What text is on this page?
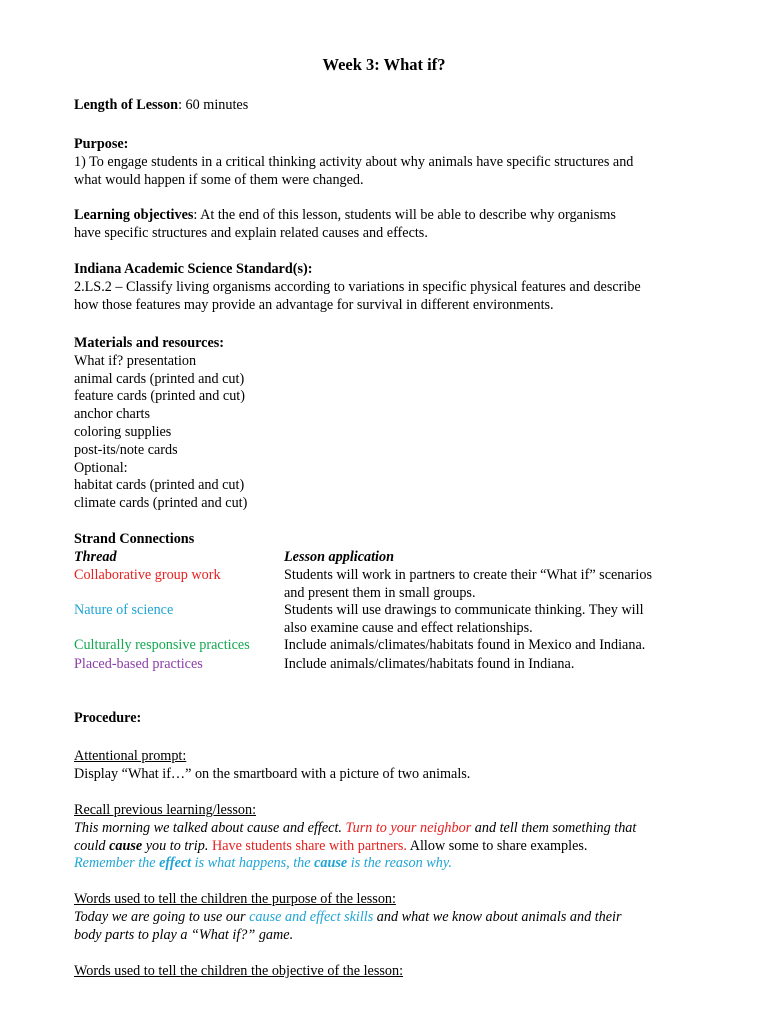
Week 3: What if?
Length of Lesson: 60 minutes
Purpose:
1) To engage students in a critical thinking activity about why animals have specific structures and
what would happen if some of them were changed.
Learning objectives: At the end of this lesson, students will be able to describe why organisms
have specific structures and explain related causes and effects.
Indiana Academic Science Standard(s):
2.LS.2 – Classify living organisms according to variations in specific physical features and describe
how those features may provide an advantage for survival in different environments.
Materials and resources:
What if? presentation
animal cards (printed and cut)
feature cards (printed and cut)
anchor charts
coloring supplies
post-its/note cards
Optional:
habitat cards (printed and cut)
climate cards (printed and cut)
Strand Connections
Thread	Lesson application
Collaborative group work	Students will work in partners to create their “What if” scenarios
and present them in small groups.
Nature of science	Students will use drawings to communicate thinking. They will
also examine cause and effect relationships.
Culturally responsive practices	Include animals/climates/habitats found in Mexico and Indiana.
Placed-based practices	Include animals/climates/habitats found in Indiana.
Procedure:
Attentional prompt:
Display “What if…” on the smartboard with a picture of two animals.
Recall previous learning/lesson:
This morning we talked about cause and effect. Turn to your neighbor and tell them something that
could cause you to trip. Have students share with partners. Allow some to share examples.
Remember the effect is what happens, the cause is the reason why.
Words used to tell the children the purpose of the lesson:
Today we are going to use our cause and effect skills and what we know about animals and their
body parts to play a “What if?” game.
Words used to tell the children the objective of the lesson:
